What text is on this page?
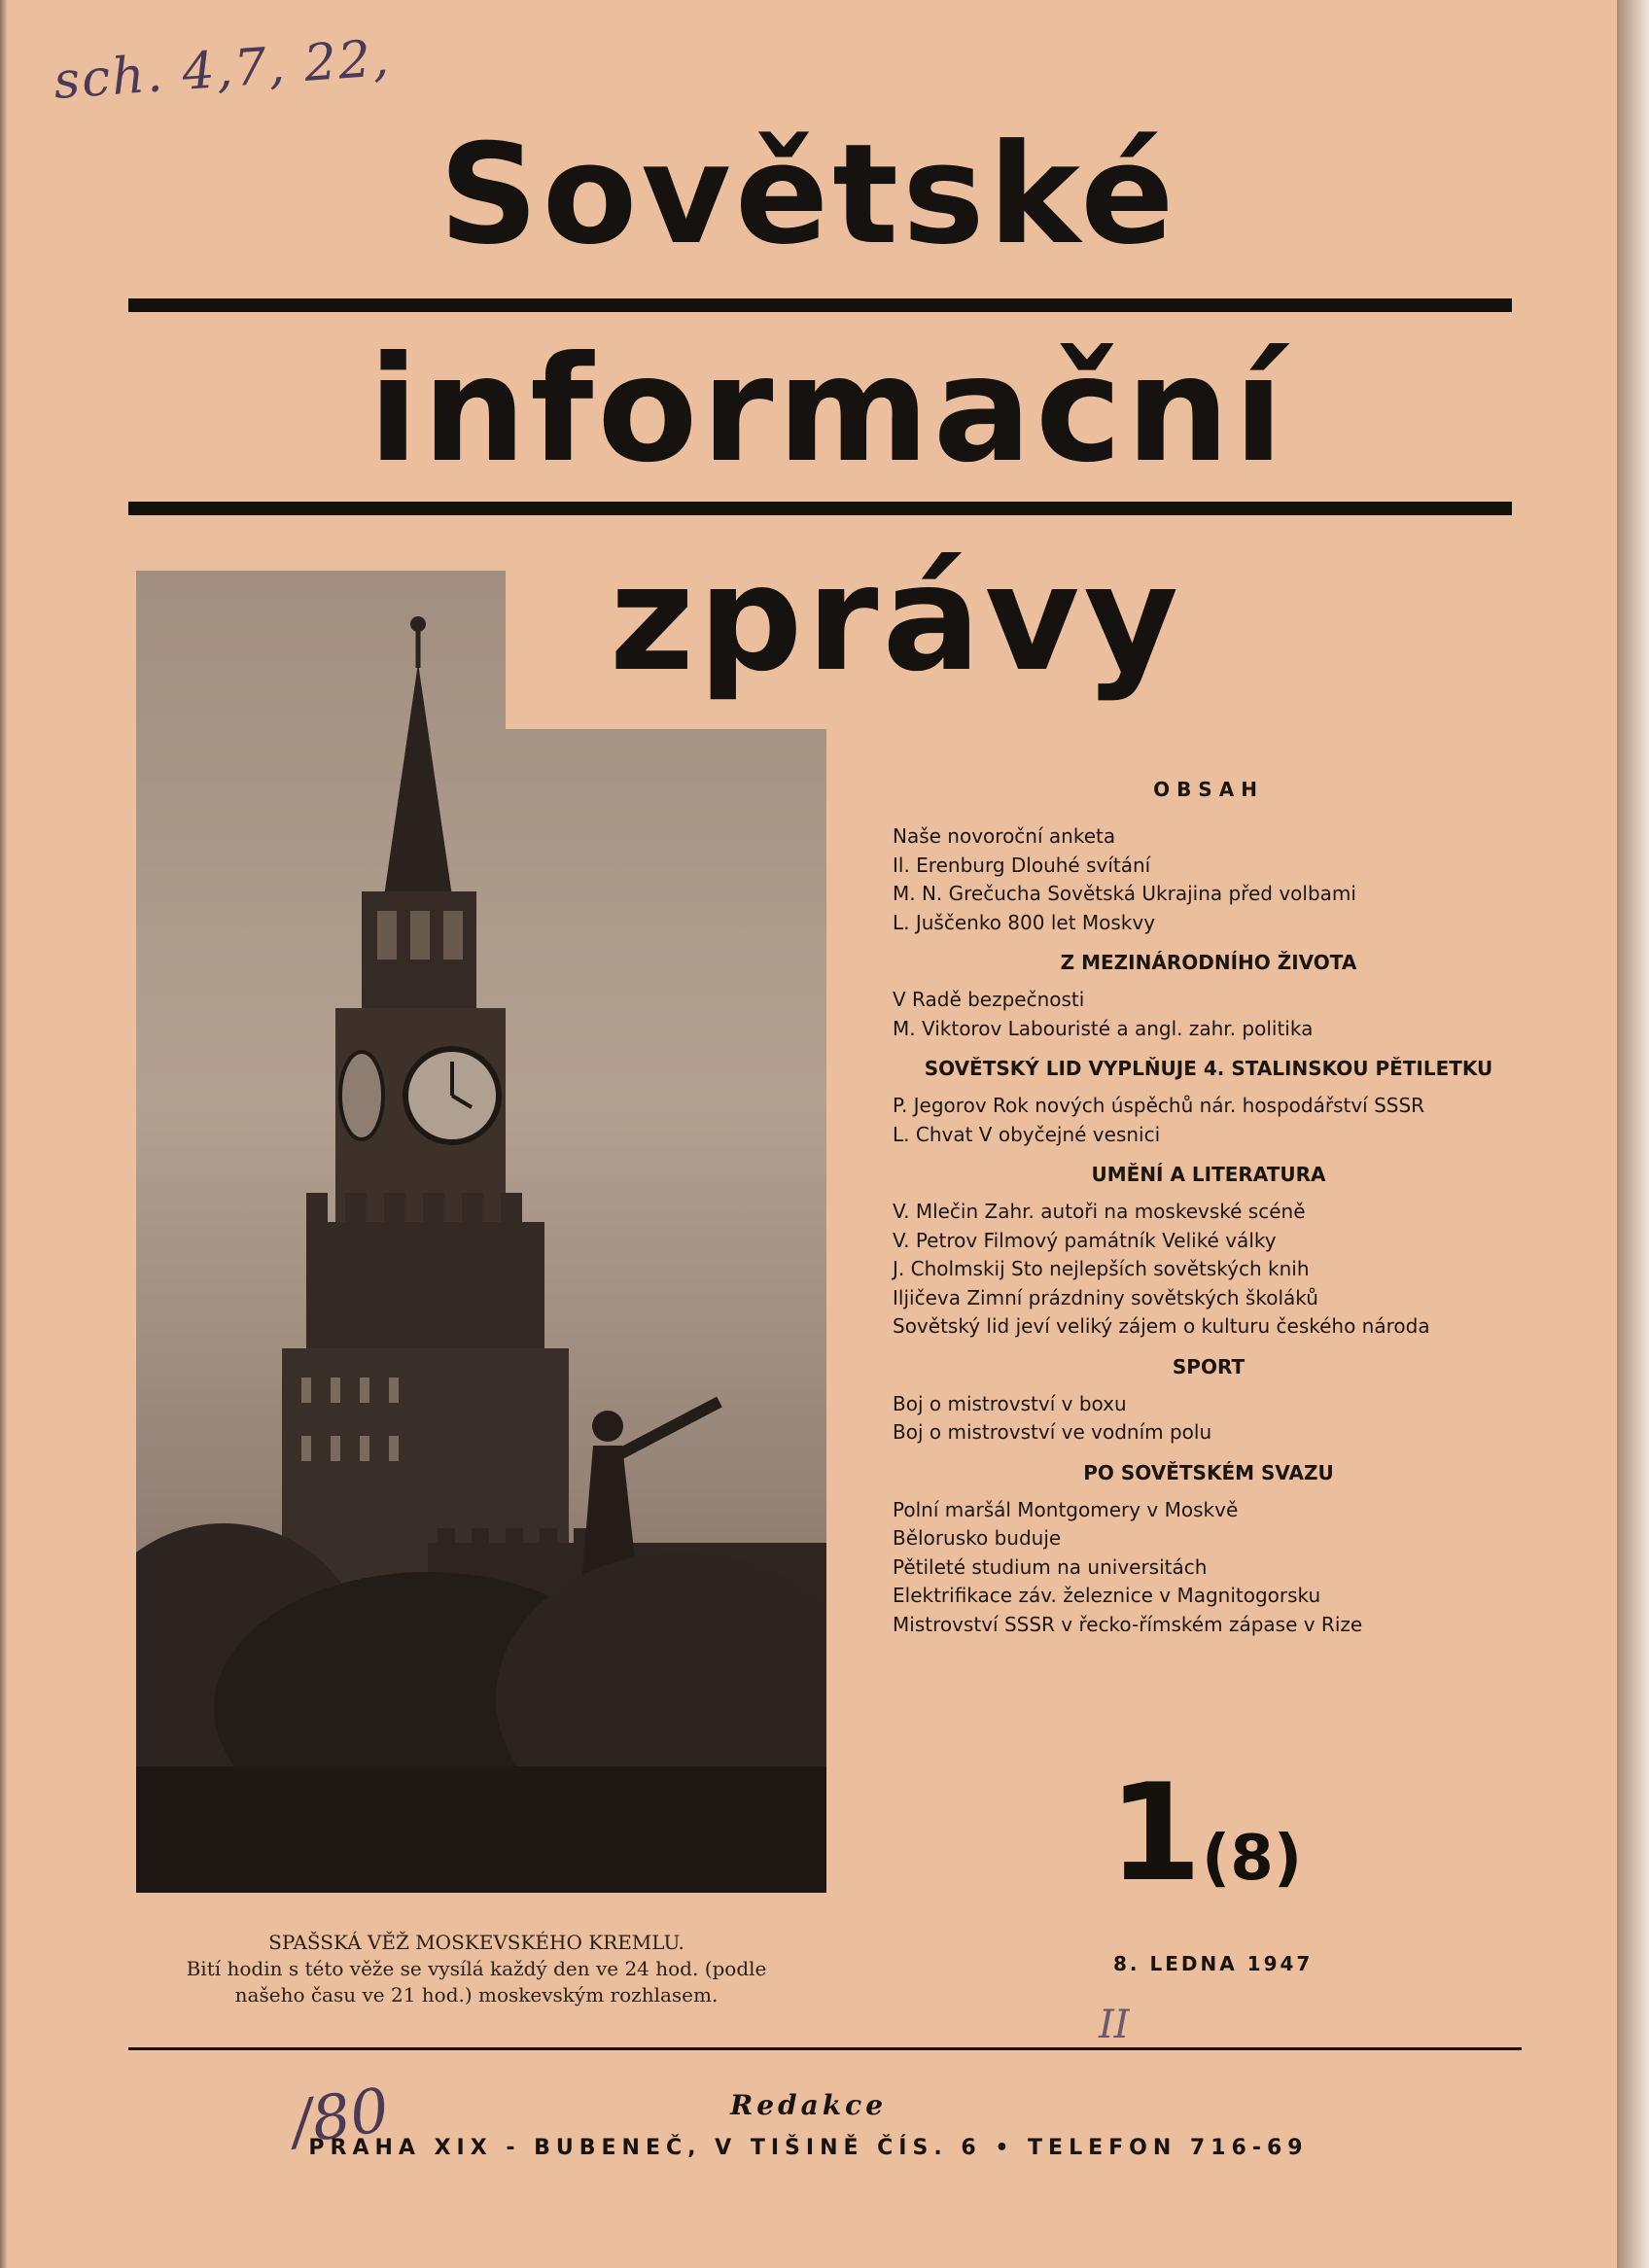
sch. 4,7, 22,
Sovětské
informační
zprávy
SPAŠSKÁ VĚŽ MOSKEVSKÉHO KREMLU.
Bití hodin s této věže se vysílá každý den ve 24 hod. (podle
našeho času ve 21 hod.) moskevským rozhlasem.
OBSAH
Naše novoroční anketa
Il. Erenburg Dlouhé svítání
M. N. Grečucha Sovětská Ukrajina před volbami
L. Juščenko 800 let Moskvy
Z MEZINÁRODNÍHO ŽIVOTA
V Radě bezpečnosti
M. Viktorov Labouristé a angl. zahr. politika
SOVĚTSKÝ LID VYPLŇUJE 4. STALINSKOU PĚTILETKU
P. Jegorov Rok nových úspěchů nár. hospodářství SSSR
L. Chvat V obyčejné vesnici
UMĚNÍ A LITERATURA
V. Mlečin Zahr. autoři na moskevské scéně
V. Petrov Filmový památník Veliké války
J. Cholmskij Sto nejlepších sovětských knih
Iljičeva Zimní prázdniny sovětských školáků
Sovětský lid jeví veliký zájem o kulturu českého národa
SPORT
Boj o mistrovství v boxu
Boj o mistrovství ve vodním polu
PO SOVĚTSKÉM SVAZU
Polní maršál Montgomery v Moskvě
Bělorusko buduje
Pětileté studium na universitách
Elektrifikace záv. železnice v Magnitogorsku
Mistrovství SSSR v řecko-římském zápase v Rize
1(8)
8. LEDNA 1947
II
/80	Redakce
PRAHA XIX - BUBENEČ, V TIŠINĚ ČÍS. 6 • TELEFON 716-69
